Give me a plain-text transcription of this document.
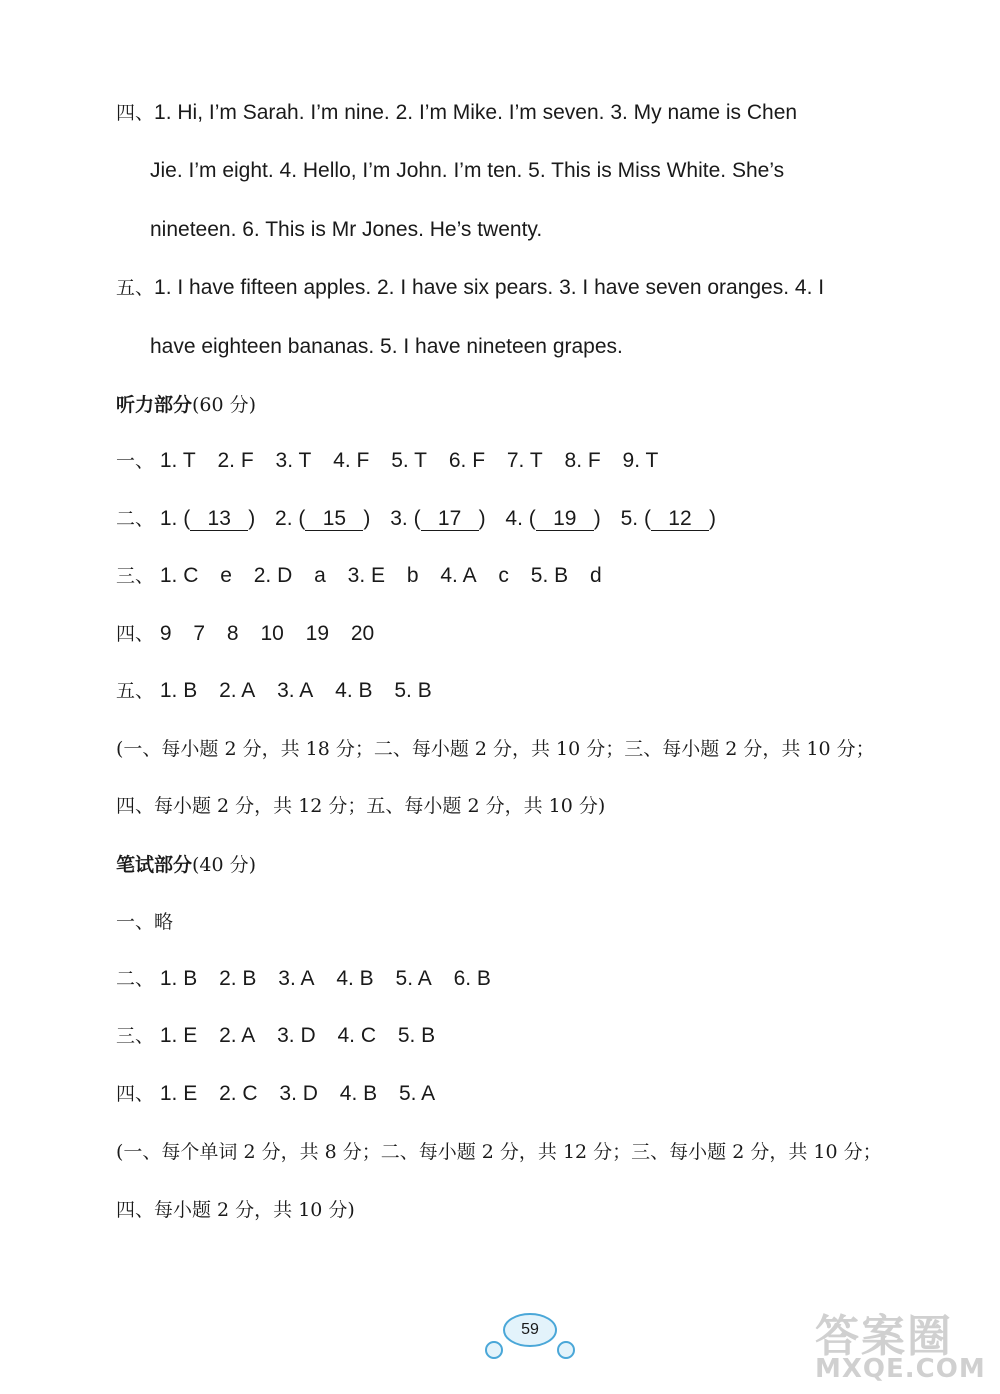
四、1. Hi, I’m Sarah. I’m nine. 2. I’m Mike. I’m seven. 3. My name is Chen
Jie. I’m eight. 4. Hello, I’m John. I’m ten. 5. This is Miss White. She’s
nineteen. 6. This is Mr Jones. He’s twenty.
五、1. I have fifteen apples. 2. I have six pears. 3. I have seven oranges. 4. I
have eighteen bananas. 5. I have nineteen grapes.
听力部分(60 分)
一、 1. T 2. F 3. T 4. F 5. T 6. F 7. T 8. F 9. T
二、 1. ( 13 ) 2. ( 15 ) 3. ( 17 ) 4. ( 19 ) 5. ( 12 )
三、 1. C e 2. D a 3. E b 4. A c 5. B d
四、 9 7 8 10 19 20
五、 1. B 2. A 3. A 4. B 5. B
(一、每小题 2 分，共 18 分；二、每小题 2 分，共 10 分；三、每小题 2 分，共 10 分；
四、每小题 2 分，共 12 分；五、每小题 2 分，共 10 分)
笔试部分(40 分)
一、略
二、 1. B 2. B 3. A 4. B 5. A 6. B
三、 1. E 2. A 3. D 4. C 5. B
四、 1. E 2. C 3. D 4. B 5. A
(一、每个单词 2 分，共 8 分；二、每小题 2 分，共 12 分；三、每小题 2 分，共 10 分；
四、每小题 2 分，共 10 分)
59	答案圈
MXQE.COM
